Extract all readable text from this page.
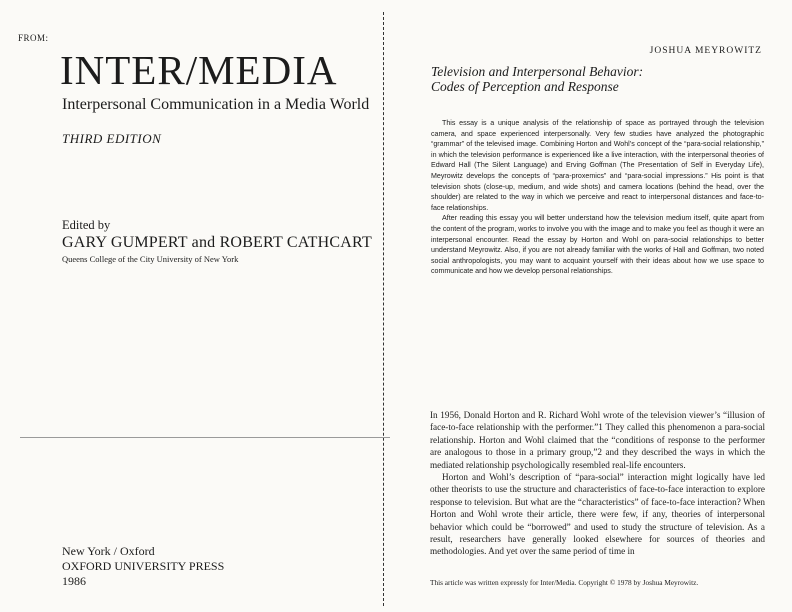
FROM:
INTER/MEDIA
Interpersonal Communication in a Media World
THIRD EDITION
Edited by
GARY GUMPERT and ROBERT CATHCART
Queens College of the City University of New York
New York / Oxford
OXFORD UNIVERSITY PRESS
1986
JOSHUA MEYROWITZ
Television and Interpersonal Behavior:
Codes of Perception and Response

This essay is a unique analysis of the relationship of space as portrayed through the television camera, and space experienced interpersonally. Very few studies have analyzed the photographic “grammar” of the televised image. Combining Horton and Wohl’s concept of the “para-social relationship,” in which the television performance is experienced like a live interaction, with the interpersonal theories of Edward Hall (The Silent Language) and Erving Goffman (The Presentation of Self in Everyday Life), Meyrowitz develops the concepts of “para-proxemics” and “para-social impressions.” His point is that television shots (close-up, medium, and wide shots) and camera locations (behind the head, over the shoulder) are related to the way in which we perceive and react to interpersonal distances and face-to-face relationships.

After reading this essay you will better understand how the television medium itself, quite apart from the content of the program, works to involve you with the image and to make you feel as though it were an interpersonal encounter. Read the essay by Horton and Wohl on para-social relationships to better understand Meyrowitz. Also, if you are not already familiar with the works of Hall and Goffman, two noted social anthropologists, you may want to acquaint yourself with their ideas about how we use space to communicate and how we develop personal relationships.

In 1956, Donald Horton and R. Richard Wohl wrote of the television viewer’s “illusion of face-to-face relationship with the performer.”1 They called this phenomenon a para-social relationship. Horton and Wohl claimed that the “conditions of response to the performer are analogous to those in a primary group,”2 and they described the ways in which the mediated relationship psychologically resembled real-life encounters.

Horton and Wohl’s description of “para-social” interaction might logically have led other theorists to use the structure and characteristics of face-to-face interaction to explore response to television. But what are the “characteristics” of face-to-face interaction? When Horton and Wohl wrote their article, there were few, if any, theories of interpersonal behavior which could be “borrowed” and used to study the structure of television. As a result, researchers have generally looked elsewhere for sources of theories and methodologies. And yet over the same period of time in

This article was written expressly for Inter/Media. Copyright © 1978 by Joshua Meyrowitz.
